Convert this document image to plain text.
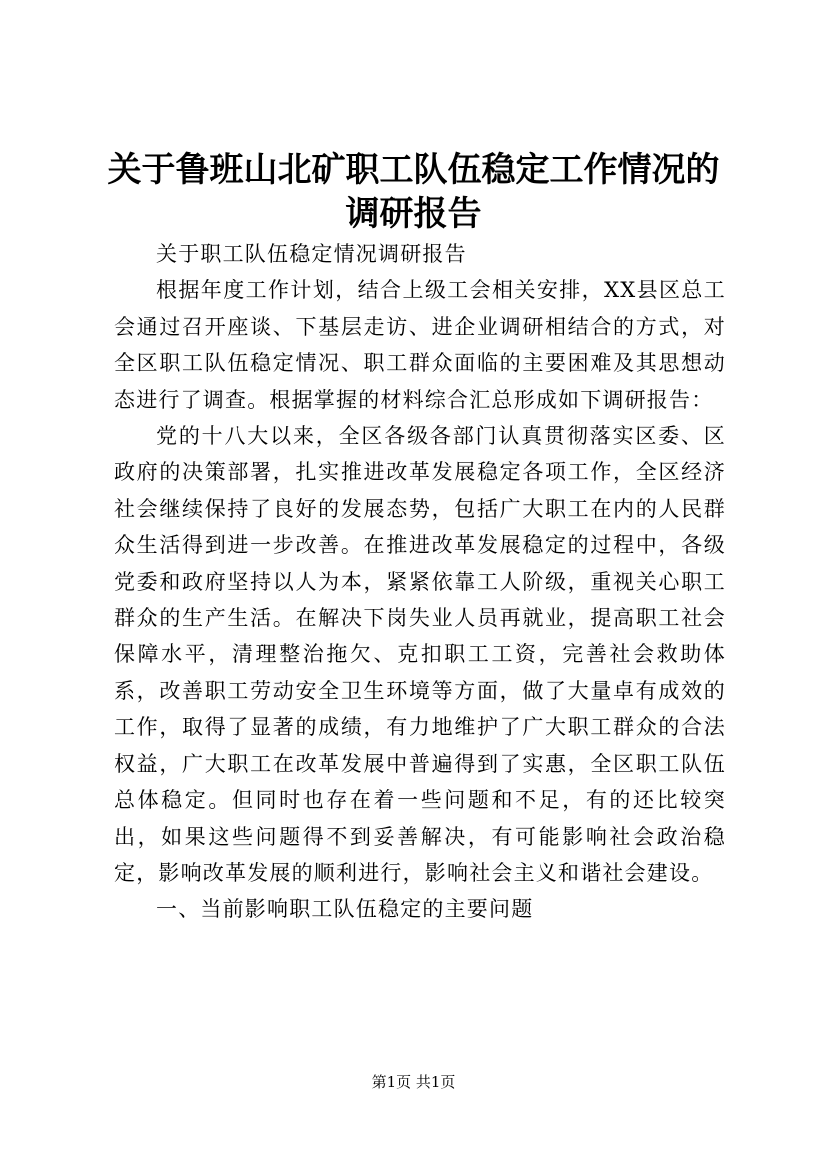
关于鲁班山北矿职工队伍稳定工作情况的调研报告

关于职工队伍稳定情况调研报告

根据年度工作计划，结合上级工会相关安排，XX县区总工会通过召开座谈、下基层走访、进企业调研相结合的方式，对全区职工队伍稳定情况、职工群众面临的主要困难及其思想动态进行了调查。根据掌握的材料综合汇总形成如下调研报告：

党的十八大以来，全区各级各部门认真贯彻落实区委、区政府的决策部署，扎实推进改革发展稳定各项工作，全区经济社会继续保持了良好的发展态势，包括广大职工在内的人民群众生活得到进一步改善。在推进改革发展稳定的过程中，各级党委和政府坚持以人为本，紧紧依靠工人阶级，重视关心职工群众的生产生活。在解决下岗失业人员再就业，提高职工社会保障水平，清理整治拖欠、克扣职工工资，完善社会救助体系，改善职工劳动安全卫生环境等方面，做了大量卓有成效的工作，取得了显著的成绩，有力地维护了广大职工群众的合法权益，广大职工在改革发展中普遍得到了实惠，全区职工队伍总体稳定。但同时也存在着一些问题和不足，有的还比较突出，如果这些问题得不到妥善解决，有可能影响社会政治稳定，影响改革发展的顺利进行，影响社会主义和谐社会建设。

一、当前影响职工队伍稳定的主要问题

第1页 共1页
